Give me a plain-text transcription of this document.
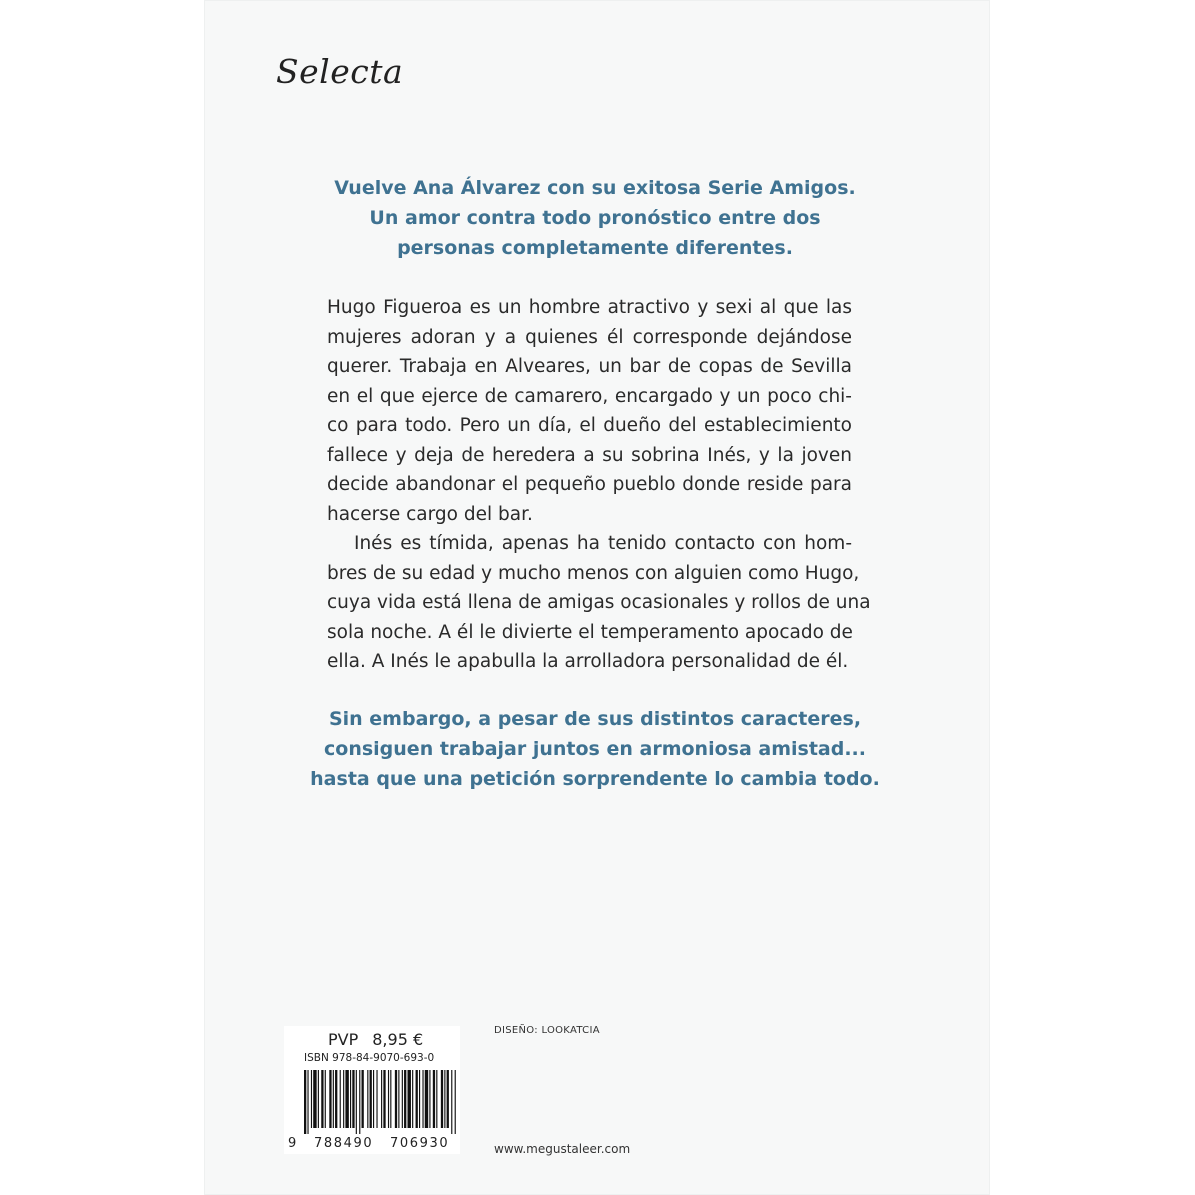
Selecta
Vuelve Ana Álvarez con su exitosa Serie Amigos.
Un amor contra todo pronóstico entre dos
personas completamente diferentes.
Hugo Figueroa es un hombre atractivo y sexi al que las
mujeres adoran y a quienes él corresponde dejándose
querer. Trabaja en Alveares, un bar de copas de Sevilla
en el que ejerce de camarero, encargado y un poco chi-
co para todo. Pero un día, el dueño del establecimiento
fallece y deja de heredera a su sobrina Inés, y la joven
decide abandonar el pequeño pueblo donde reside para
hacerse cargo del bar.
Inés es tímida, apenas ha tenido contacto con hom-
bres de su edad y mucho menos con alguien como Hugo,
cuya vida está llena de amigas ocasionales y rollos de una
sola noche. A él le divierte el temperamento apocado de
ella. A Inés le apabulla la arrolladora personalidad de él.
Sin embargo, a pesar de sus distintos caracteres,
consiguen trabajar juntos en armoniosa amistad...
hasta que una petición sorprendente lo cambia todo.
PVP 8,95 €
ISBN 978-84-9070-693-0
9 788490 706930
DISEÑO: LOOKATCIA
www.megustaleer.com
